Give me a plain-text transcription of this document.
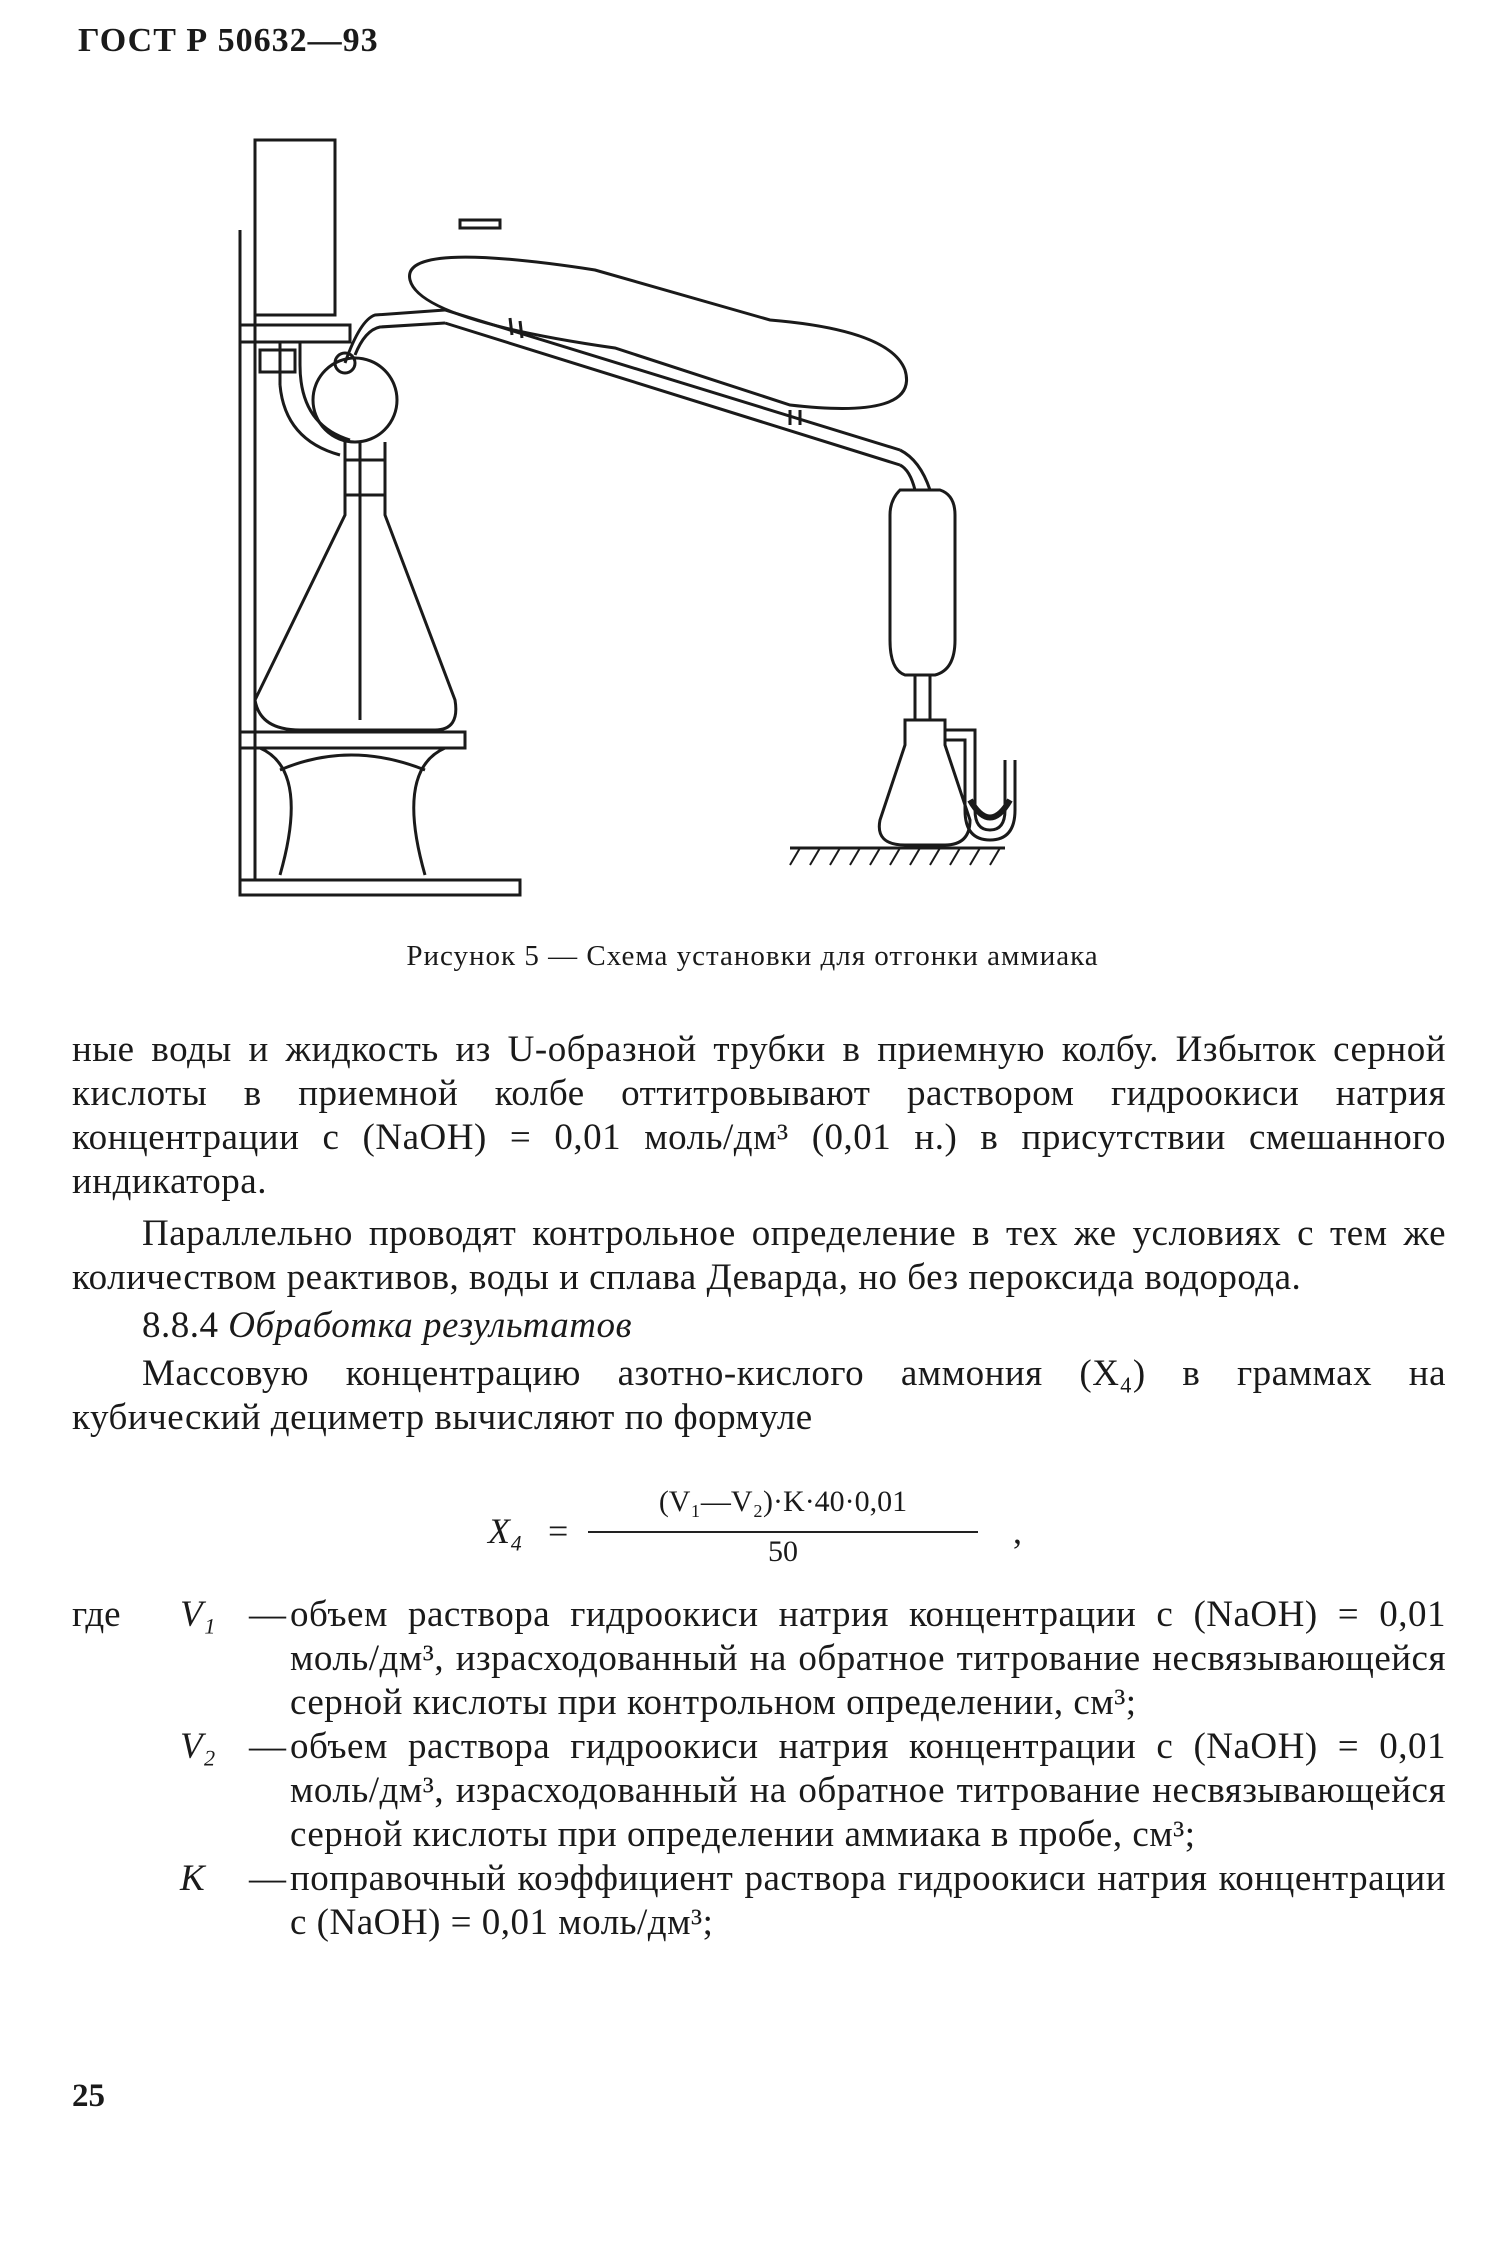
ГОСТ Р 50632—93
Рисунок 5 — Схема установки для отгонки аммиака

ные воды и жидкость из U-образной трубки в приемную колбу. Избыток серной кислоты в приемной колбе оттитровывают раствором гидроокиси натрия концентрации c (NaOH) = 0,01 моль/дм³ (0,01 н.) в присутствии смешанного индикатора.

Параллельно проводят контрольное определение в тех же условиях с тем же количеством реактивов, воды и сплава Деварда, но без пероксида водорода.

8.8.4 Обработка результатов

Массовую концентрацию азотно-кислого аммония (X₄) в граммах на кубический дециметр вычисляют по формуле

X₄ =
(V₁—V₂)·K·40·0,01
50
,
где V₁ — объем раствора гидроокиси натрия концентрации c (NaOH) = 0,01 моль/дм³, израсходованный на обратное титрование несвязывающейся серной кислоты при контрольном определении, см³;
V₂ — объем раствора гидроокиси натрия концентрации c (NaOH) = 0,01 моль/дм³, израсходованный на обратное титрование несвязывающейся серной кислоты при определении аммиака в пробе, см³;
K — поправочный коэффициент раствора гидроокиси натрия концентрации c (NaOH) = 0,01 моль/дм³;
25
